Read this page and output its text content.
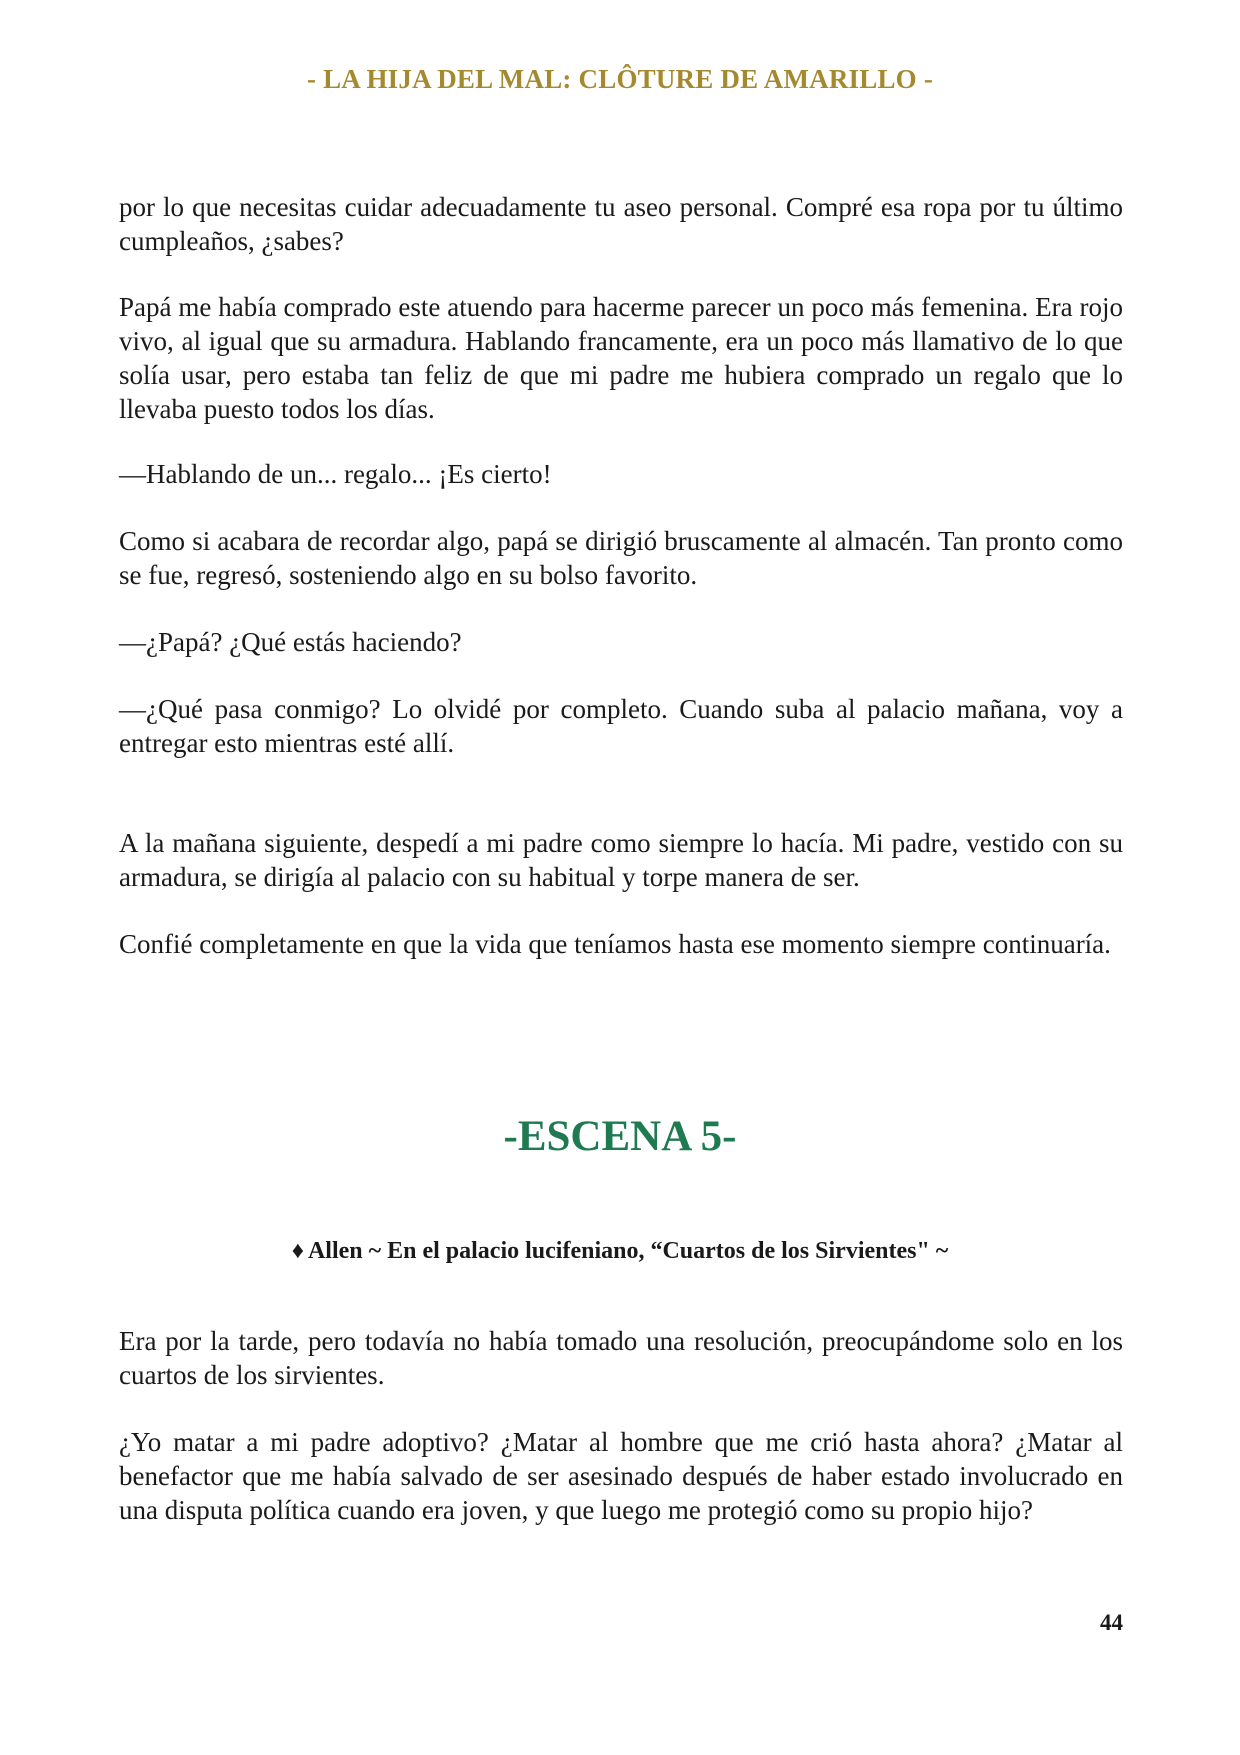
- LA HIJA DEL MAL: CLÔTURE DE AMARILLO -

por lo que necesitas cuidar adecuadamente tu aseo personal. Compré esa ropa por tu último cumpleaños, ¿sabes?

Papá me había comprado este atuendo para hacerme parecer un poco más femenina. Era rojo vivo, al igual que su armadura. Hablando francamente, era un poco más llamativo de lo que solía usar, pero estaba tan feliz de que mi padre me hubiera comprado un regalo que lo llevaba puesto todos los días.

—Hablando de un... regalo... ¡Es cierto!

Como si acabara de recordar algo, papá se dirigió bruscamente al almacén. Tan pronto como se fue, regresó, sosteniendo algo en su bolso favorito.

—¿Papá? ¿Qué estás haciendo?

—¿Qué pasa conmigo? Lo olvidé por completo. Cuando suba al palacio mañana, voy a entregar esto mientras esté allí.

A la mañana siguiente, despedí a mi padre como siempre lo hacía. Mi padre, vestido con su armadura, se dirigía al palacio con su habitual y torpe manera de ser.

Confié completamente en que la vida que teníamos hasta ese momento siempre continuaría.

-ESCENA 5-
♦ Allen ~ En el palacio lucifeniano, “Cuartos de los Sirvientes" ~

Era por la tarde, pero todavía no había tomado una resolución, preocupándome solo en los cuartos de los sirvientes.

¿Yo matar a mi padre adoptivo? ¿Matar al hombre que me crió hasta ahora? ¿Matar al benefactor que me había salvado de ser asesinado después de haber estado involucrado en una disputa política cuando era joven, y que luego me protegió como su propio hijo?

44
